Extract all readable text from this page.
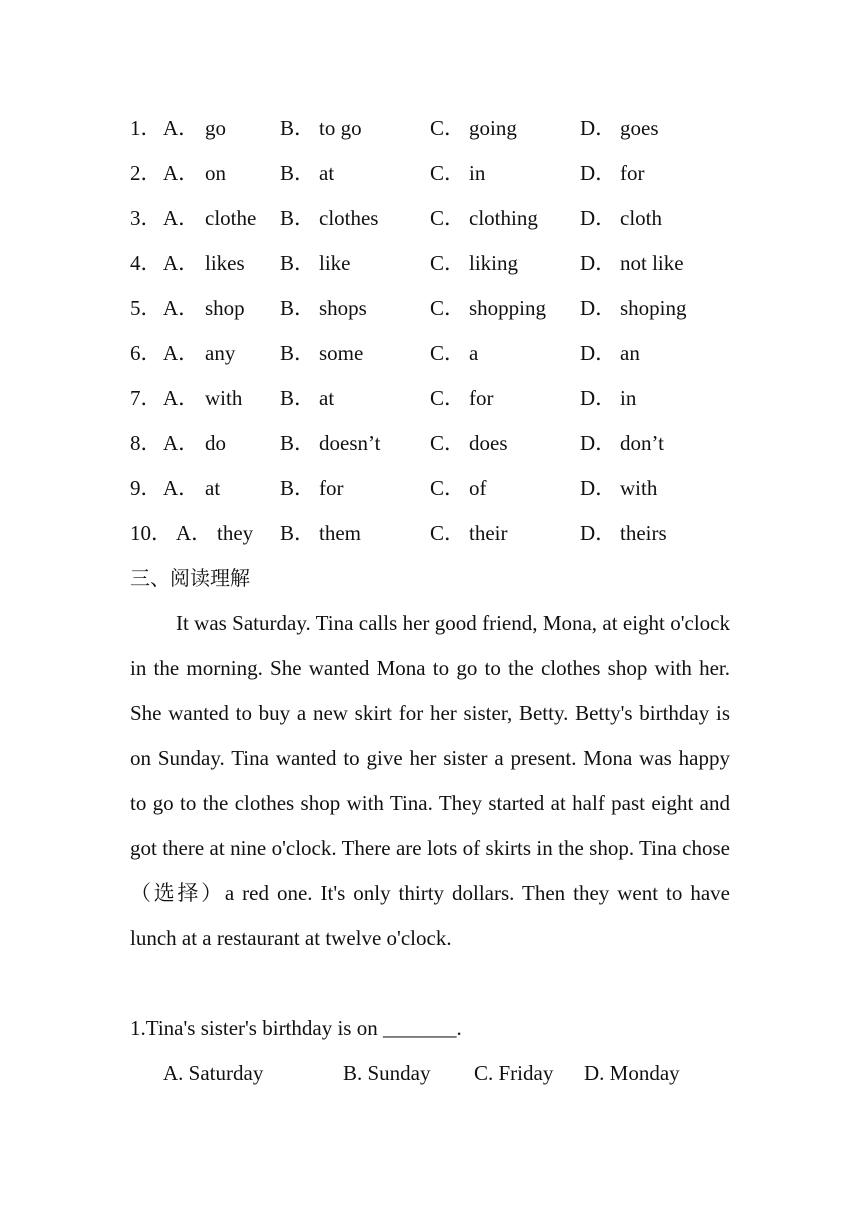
1． A． go	B． to go	C． going	D． goes
2． A． on	B． at	C． in	D． for
3． A． clothe B． clothes C． clothing D． cloth
4． A． likes B． like	C． liking	D． not like
5． A． shop B． shops	C． shopping D． shoping
6． A． any B． some	C． a	D． an
7． A． with B． at	C． for	D． in
8． A． do	B． doesn’t C． does	D． don’t
9． A． at	B． for	C． of	D． with
10． A． they B． them	C． their	D． theirs
三、阅读理解

It was Saturday. Tina calls her good friend, Mona, at eight o'clock in the morning. She wanted Mona to go to the clothes shop with her. She wanted to buy a new skirt for her sister, Betty. Betty's birthday is on Sunday. Tina wanted to give her sister a present. Mona was happy to go to the clothes shop with Tina. They started at half past eight and got there at nine o'clock. There are lots of skirts in the shop. Tina chose（选择）a red one. It's only thirty dollars. Then they went to have lunch at a restaurant at twelve o'clock.

1.Tina's sister's birthday is on _______.
A. Saturday	B. Sunday C. Friday D. Monday
